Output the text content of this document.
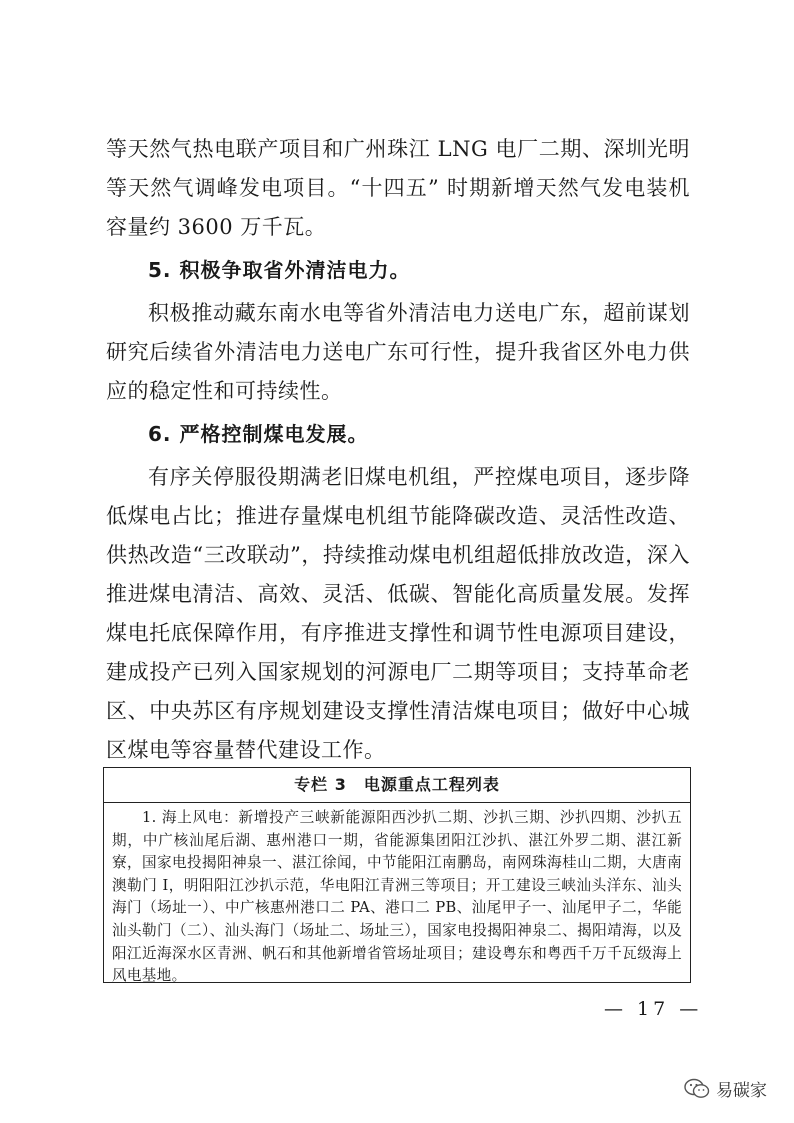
等天然气热电联产项目和广州珠江 LNG 电厂二期、深圳光明等天然气调峰发电项目。“十四五” 时期新增天然气发电装机容量约 3600 万千瓦。

5. 积极争取省外清洁电力。

积极推动藏东南水电等省外清洁电力送电广东，超前谋划研究后续省外清洁电力送电广东可行性，提升我省区外电力供应的稳定性和可持续性。

6. 严格控制煤电发展。

有序关停服役期满老旧煤电机组，严控煤电项目，逐步降低煤电占比；推进存量煤电机组节能降碳改造、灵活性改造、供热改造“三改联动”，持续推动煤电机组超低排放改造，深入推进煤电清洁、高效、灵活、低碳、智能化高质量发展。发挥煤电托底保障作用，有序推进支撑性和调节性电源项目建设，建成投产已列入国家规划的河源电厂二期等项目；支持革命老区、中央苏区有序规划建设支撑性清洁煤电项目；做好中心城区煤电等容量替代建设工作。

专栏 3　电源重点工程列表
1. 海上风电：新增投产三峡新能源阳西沙扒二期、沙扒三期、沙扒四期、沙扒五期，中广核汕尾后湖、惠州港口一期，省能源集团阳江沙扒、湛江外罗二期、湛江新寮，国家电投揭阳神泉一、湛江徐闻，中节能阳江南鹏岛，南网珠海桂山二期，大唐南澳勒门 I，明阳阳江沙扒示范，华电阳江青洲三等项目；开工建设三峡汕头洋东、汕头海门（场址一）、中广核惠州港口二 PA、港口二 PB、汕尾甲子一、汕尾甲子二，华能汕头勒门（二）、汕头海门（场址二、场址三），国家电投揭阳神泉二、揭阳靖海，以及阳江近海深水区青洲、帆石和其他新增省管场址项目；建设粤东和粤西千万千瓦级海上风电基地。
— 17 —
易碳家
